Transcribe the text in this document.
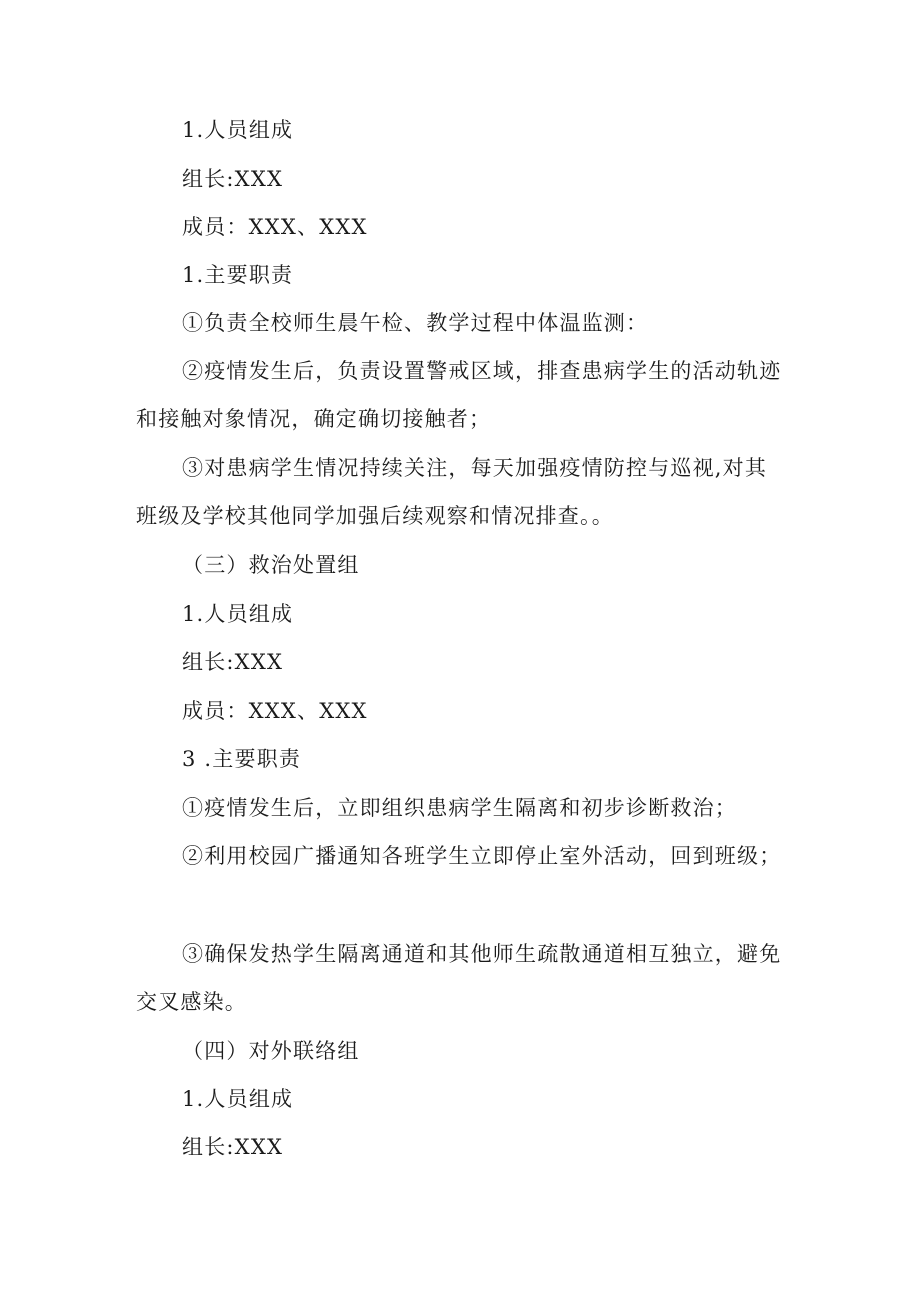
1.人员组成

组长:XXX

成员：XXX、XXX

1.主要职责

①负责全校师生晨午检、教学过程中体温监测：

②疫情发生后，负责设置警戒区域，排查患病学生的活动轨迹和接触对象情况，确定确切接触者；

③对患病学生情况持续关注，每天加强疫情防控与巡视,对其班级及学校其他同学加强后续观察和情况排查。。

（三）救治处置组

1.人员组成

组长:XXX

成员：XXX、XXX

3 .主要职责

①疫情发生后，立即组织患病学生隔离和初步诊断救治；

②利用校园广播通知各班学生立即停止室外活动，回到班级；

③确保发热学生隔离通道和其他师生疏散通道相互独立，避免交叉感染。

（四）对外联络组

1.人员组成

组长:XXX
